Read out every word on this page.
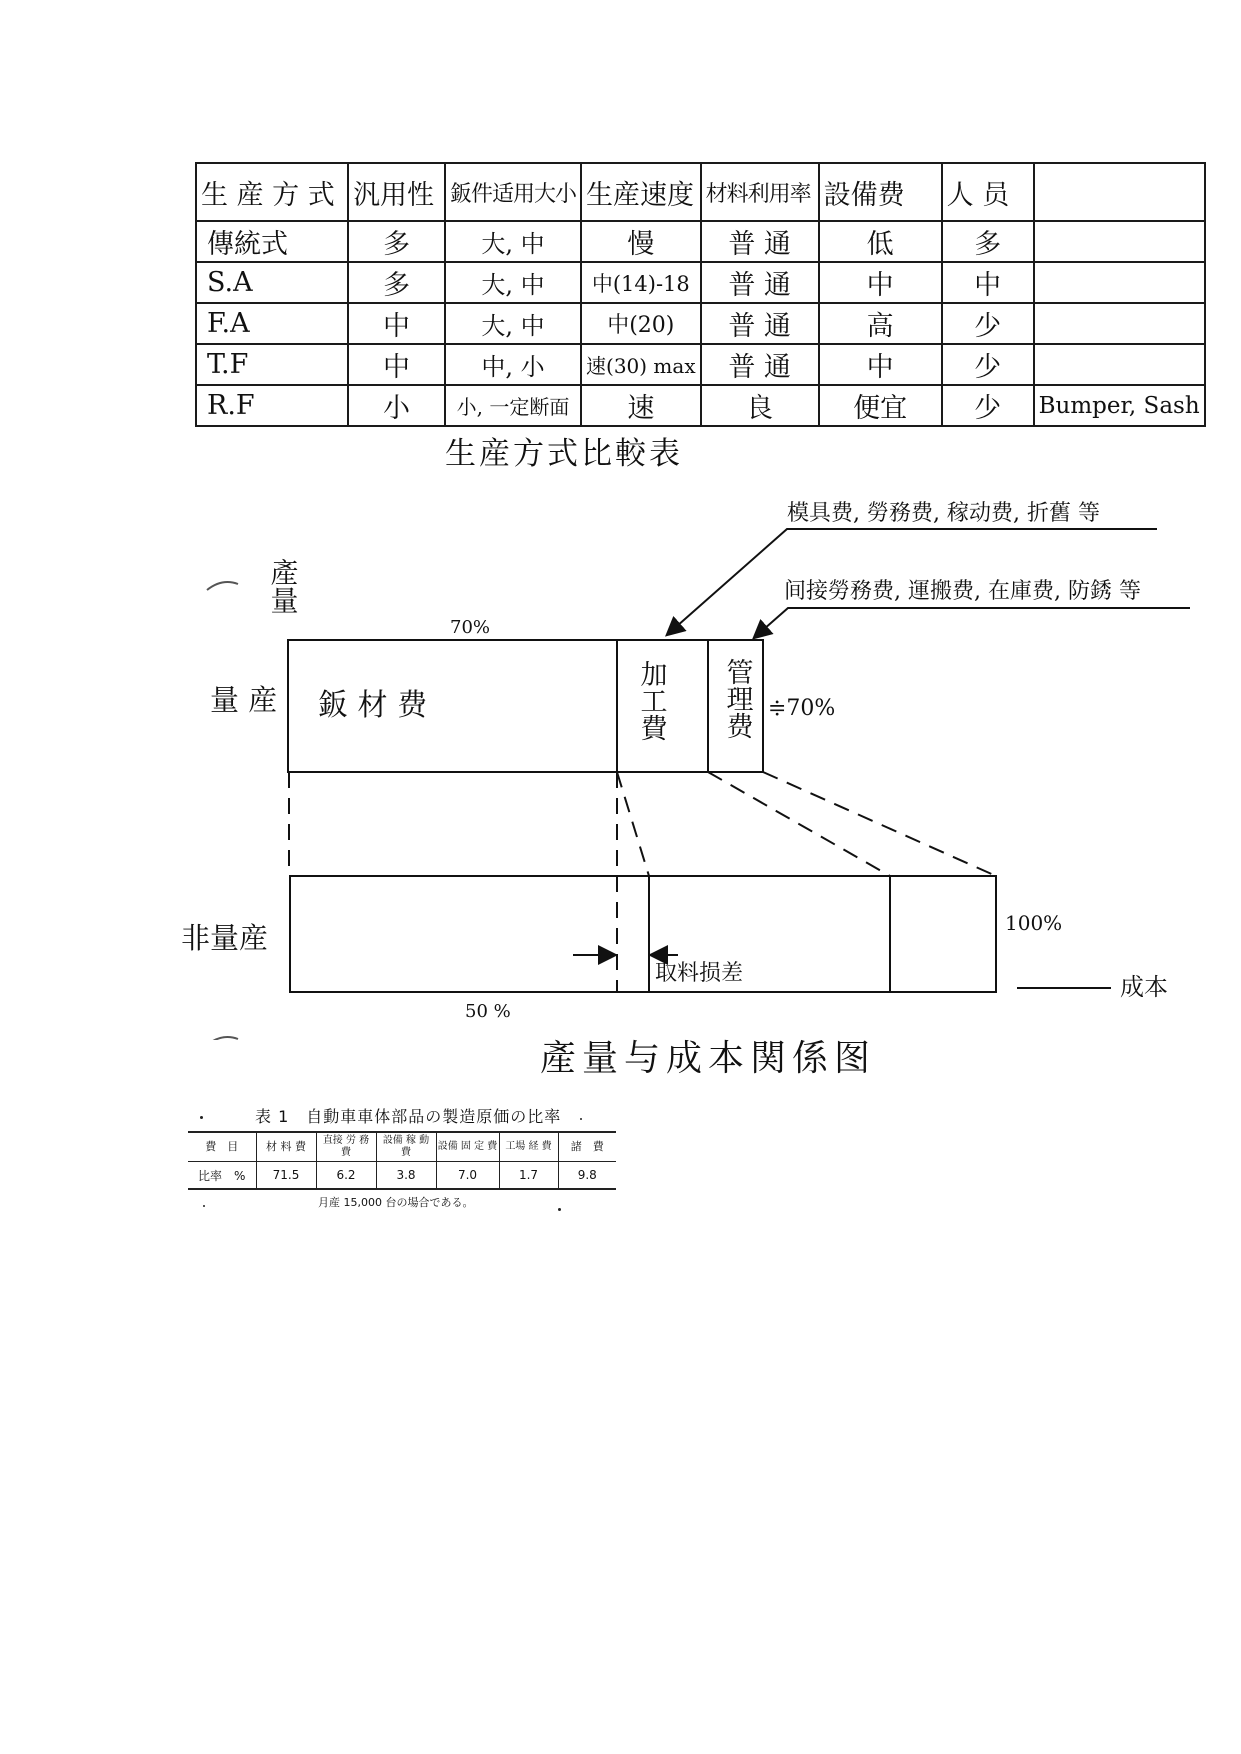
生 産 方 式	汎用性	鈑件适用大小	生産速度	材料利用率	設備费	人 员	
傳統式	多	大, 中	慢	普 通	低	多	
S.A	多	大, 中	中(14)-18	普 通	中	中	
F.A	中	大, 中	中(20)	普 通	高	少	
T.F	中	中, 小	速(30) max	普 通	中	少	
R.F	小	小, 一定断面	速	良	便宜	少	Bumper, Sash
生産方式比較表
產量
量 産
非量産
鈑 材 费	加工費 管理费
模具费, 勞務费, 稼动费, 折舊 等
间接勞務费, 運搬费, 在庫费, 防銹 等
70%
≑70%
50 %
100%
取料损差	成本
產量与成本関係图
表 1　自動車車体部品の製造原価の比率
費　目	材 料 費	直接 労 務 費	設備 稼 動 費	設備 固 定 費	工場 経 費	諸　費
比率　%	71.5	6.2	3.8	7.0	1.7	9.8
月産 15,000 台の場合である。
